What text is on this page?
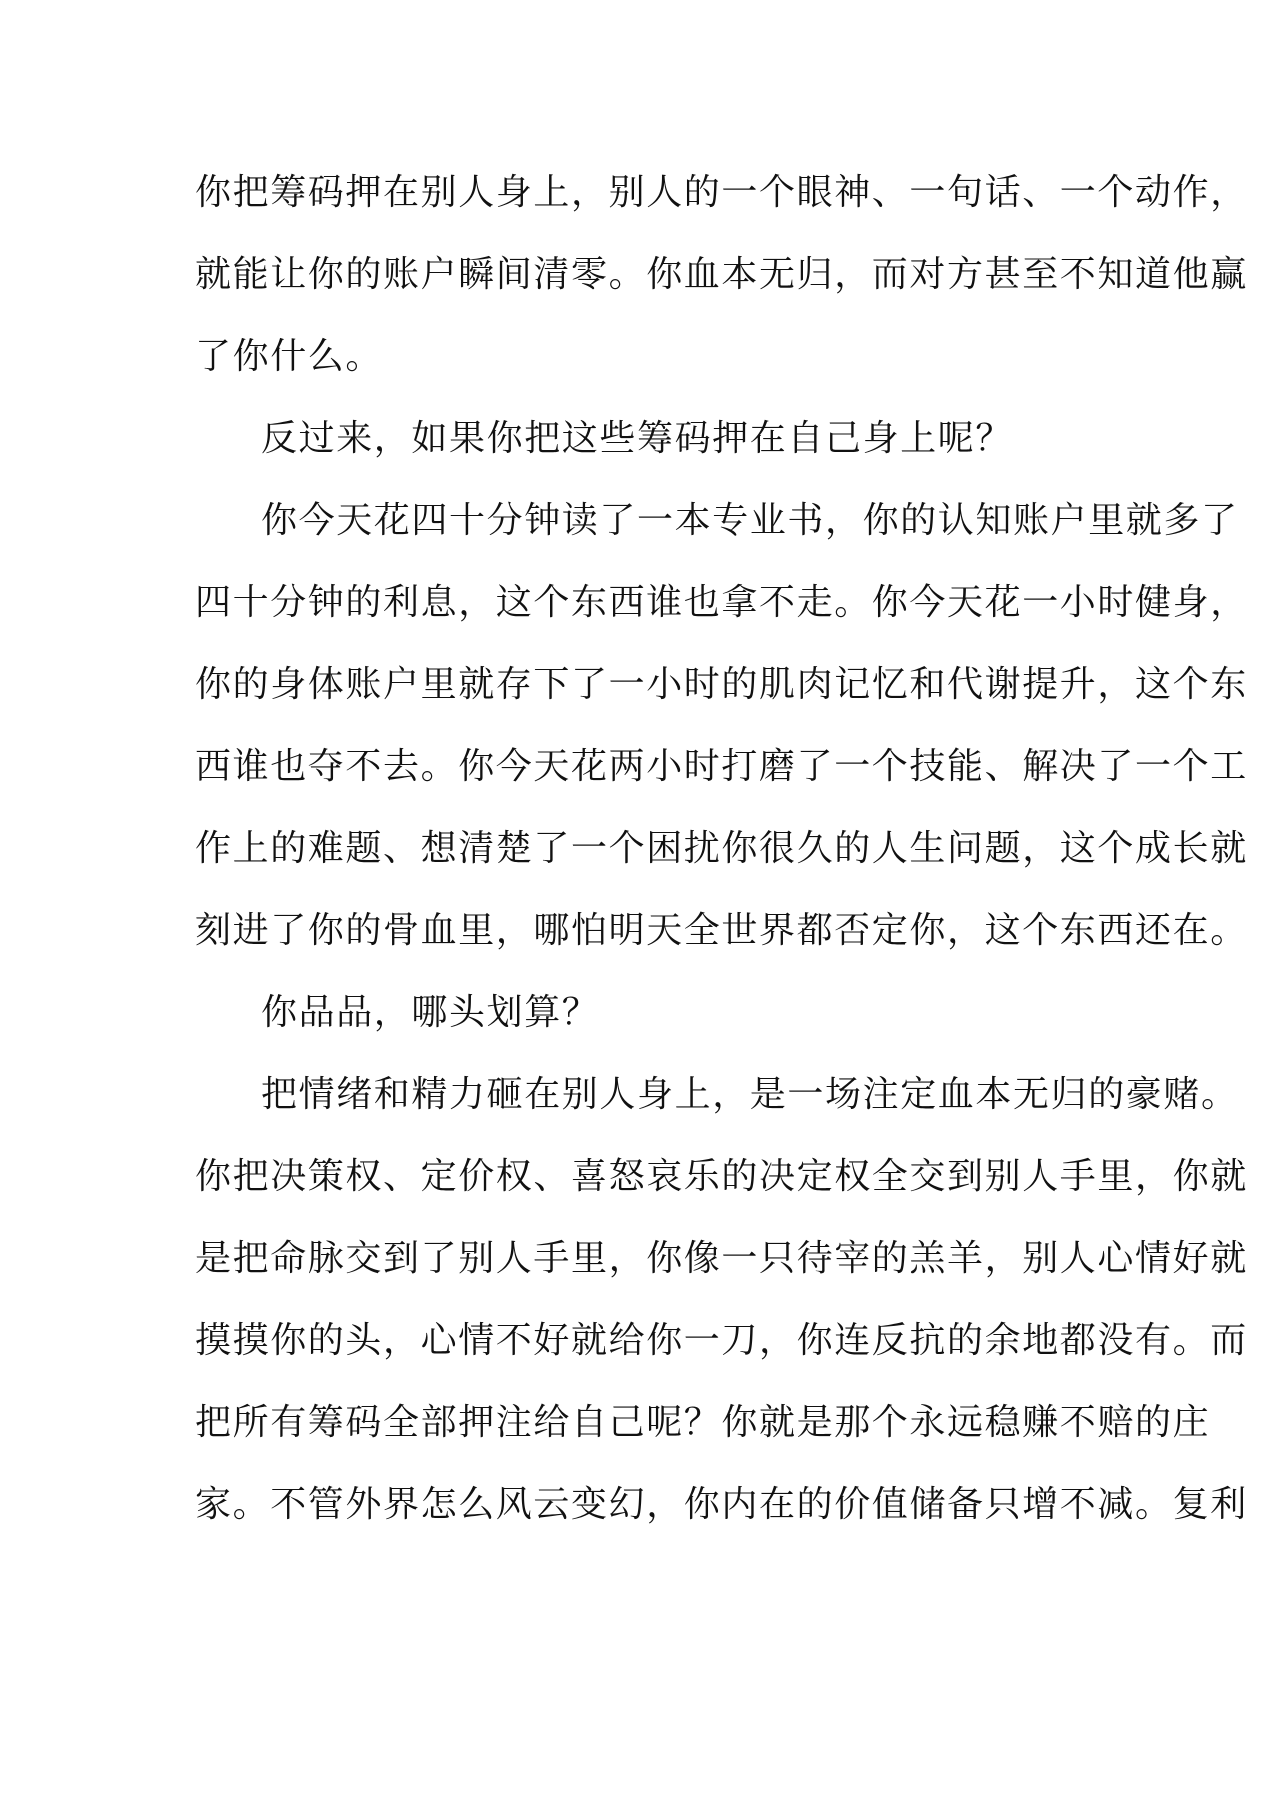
你把筹码押在别人身上，别人的一个眼神、一句话、一个动作，
就能让你的账户瞬间清零。你血本无归，而对方甚至不知道他赢
了你什么。
反过来，如果你把这些筹码押在自己身上呢？
你今天花四十分钟读了一本专业书，你的认知账户里就多了
四十分钟的利息，这个东西谁也拿不走。你今天花一小时健身，
你的身体账户里就存下了一小时的肌肉记忆和代谢提升，这个东
西谁也夺不去。你今天花两小时打磨了一个技能、解决了一个工
作上的难题、想清楚了一个困扰你很久的人生问题，这个成长就
刻进了你的骨血里，哪怕明天全世界都否定你，这个东西还在。
你品品，哪头划算？
把情绪和精力砸在别人身上，是一场注定血本无归的豪赌。
你把决策权、定价权、喜怒哀乐的决定权全交到别人手里，你就
是把命脉交到了别人手里，你像一只待宰的羔羊，别人心情好就
摸摸你的头，心情不好就给你一刀，你连反抗的余地都没有。而
把所有筹码全部押注给自己呢？你就是那个永远稳赚不赔的庄
家。不管外界怎么风云变幻，你内在的价值储备只增不减。复利
